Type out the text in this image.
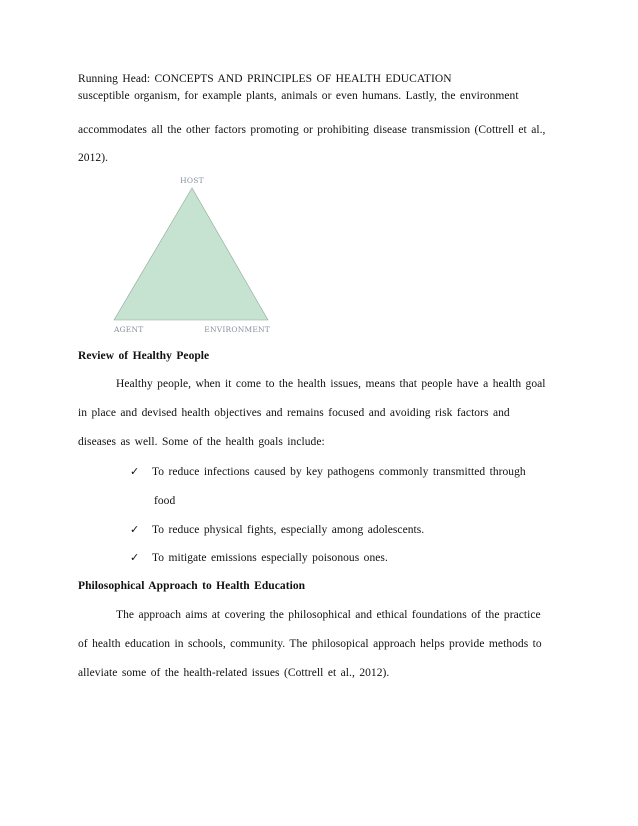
Running Head: CONCEPTS AND PRINCIPLES OF HEALTH EDUCATION
susceptible organism, for example plants, animals or even humans. Lastly, the environment
accommodates all the other factors promoting or prohibiting disease transmission (Cottrell et al.,
2012).
HOST
AGENT	ENVIRONMENT
Review of Healthy People
Healthy people, when it come to the health issues, means that people have a health goal
in place and devised health objectives and remains focused and avoiding risk factors and
diseases as well. Some of the health goals include:
✓ To reduce infections caused by key pathogens commonly transmitted through
food
✓ To reduce physical fights, especially among adolescents.
✓ To mitigate emissions especially poisonous ones.
Philosophical Approach to Health Education
The approach aims at covering the philosophical and ethical foundations of the practice
of health education in schools, community. The philosopical approach helps provide methods to
alleviate some of the health-related issues (Cottrell et al., 2012).
